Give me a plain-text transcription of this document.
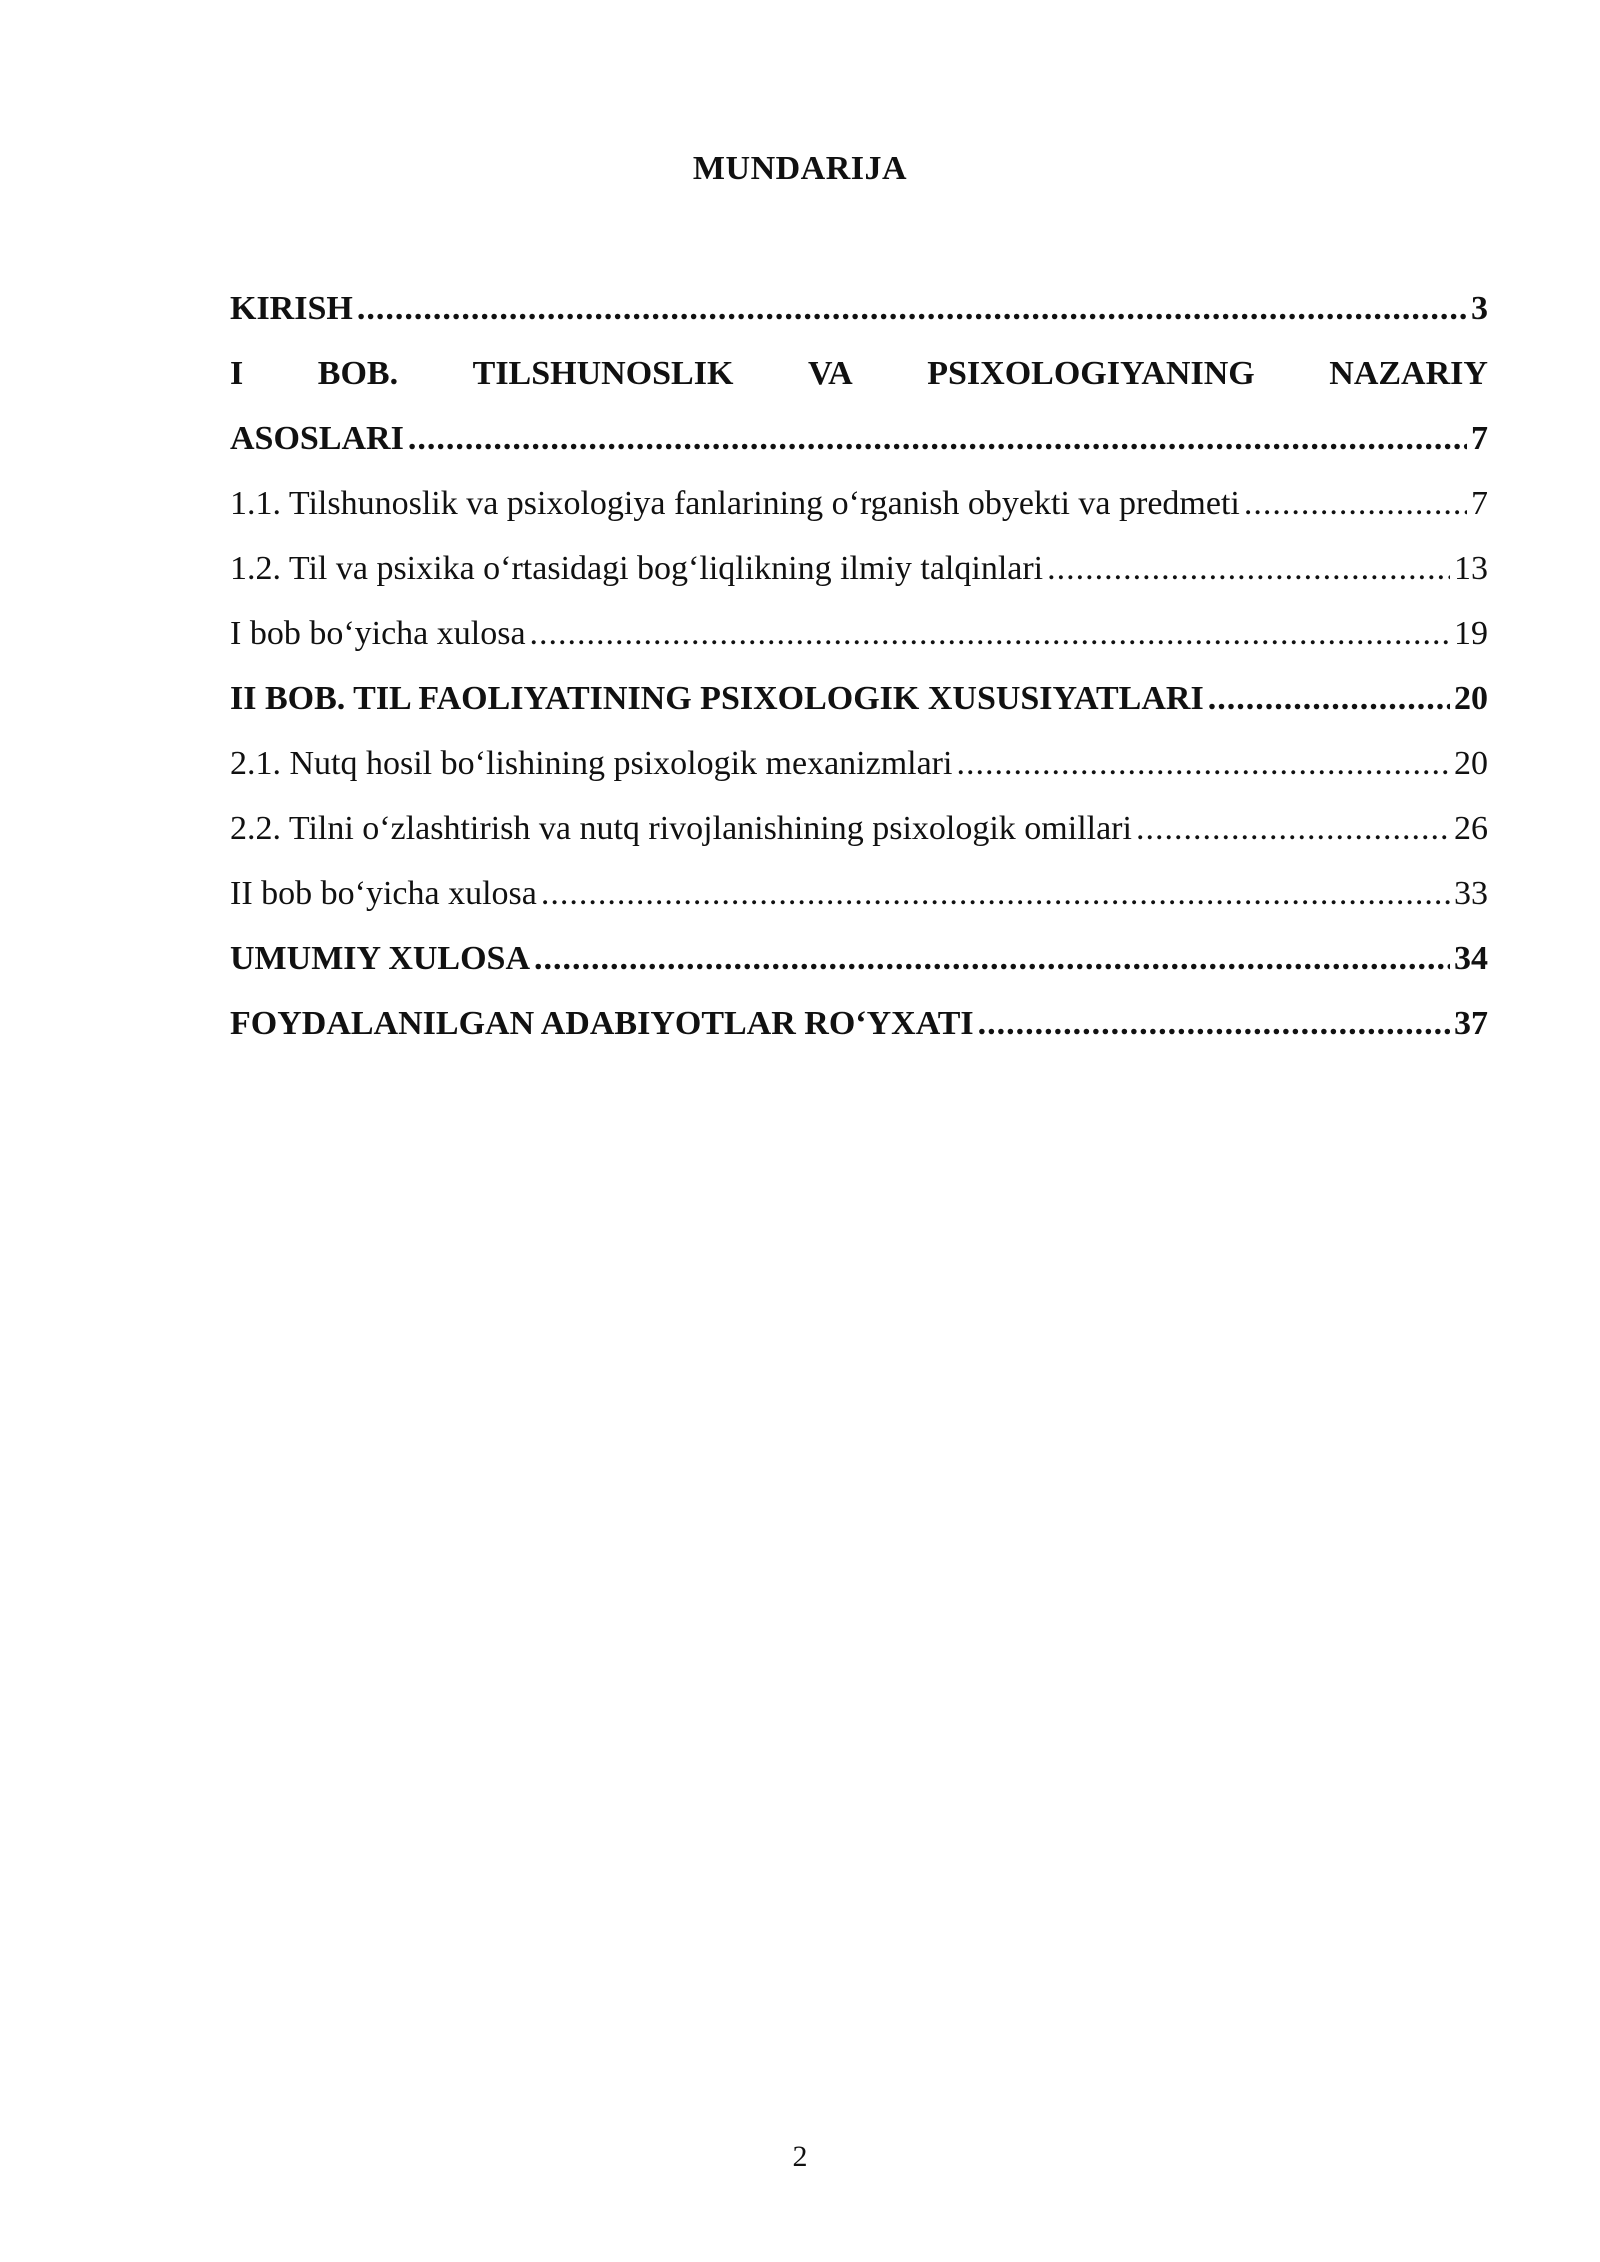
MUNDARIJA
KIRISH .....	3
I BOB. TILSHUNOSLIK VA PSIXOLOGIYANING NAZARIY
ASOSLARI .....	7
1.1. Tilshunoslik va psixologiya fanlarining o‘rganish obyekti va predmeti .....	7
1.2. Til va psixika o‘rtasidagi bog‘liqlikning ilmiy talqinlari .....	13
I bob bo‘yicha xulosa .....	19
II BOB. TIL FAOLIYATINING PSIXOLOGIK XUSUSIYATLARI .....	20
2.1. Nutq hosil bo‘lishining psixologik mexanizmlari .....	20
2.2. Tilni o‘zlashtirish va nutq rivojlanishining psixologik omillari .....	26
II bob bo‘yicha xulosa .....	33
UMUMIY XULOSA .....	34
FOYDALANILGAN ADABIYOTLAR RO‘YXATI .....	37
2
